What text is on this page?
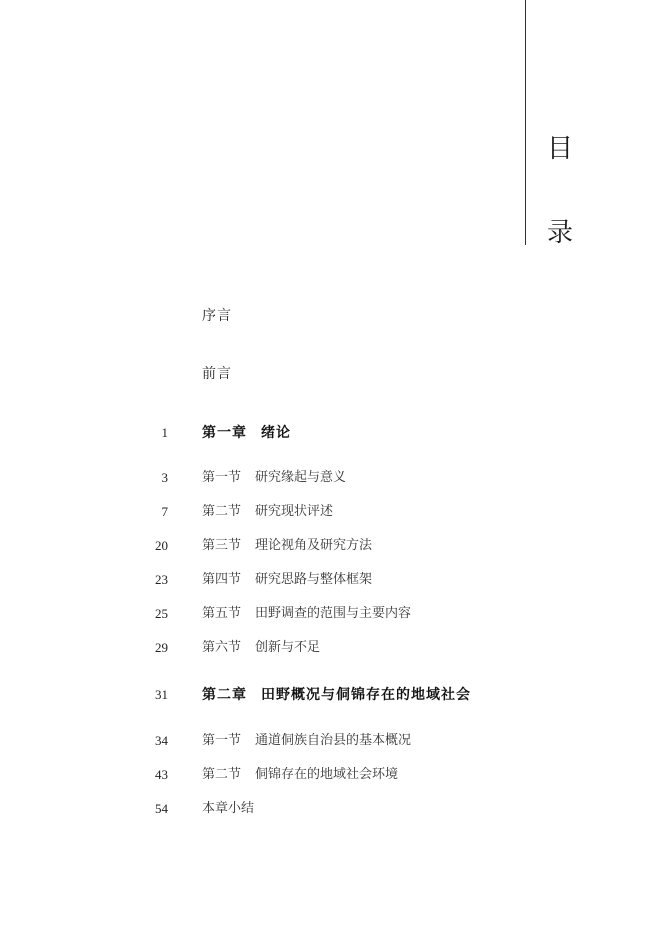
目
录
序言
前言
1 第一章 绪论
3	第一节 研究缘起与意义
7	第二节 研究现状评述
20	第三节 理论视角及研究方法
23	第四节 研究思路与整体框架
25	第五节 田野调查的范围与主要内容
29	第六节 创新与不足
31 第二章 田野概况与侗锦存在的地域社会
34	第一节 通道侗族自治县的基本概况
43	第二节 侗锦存在的地域社会环境
54	本章小结
